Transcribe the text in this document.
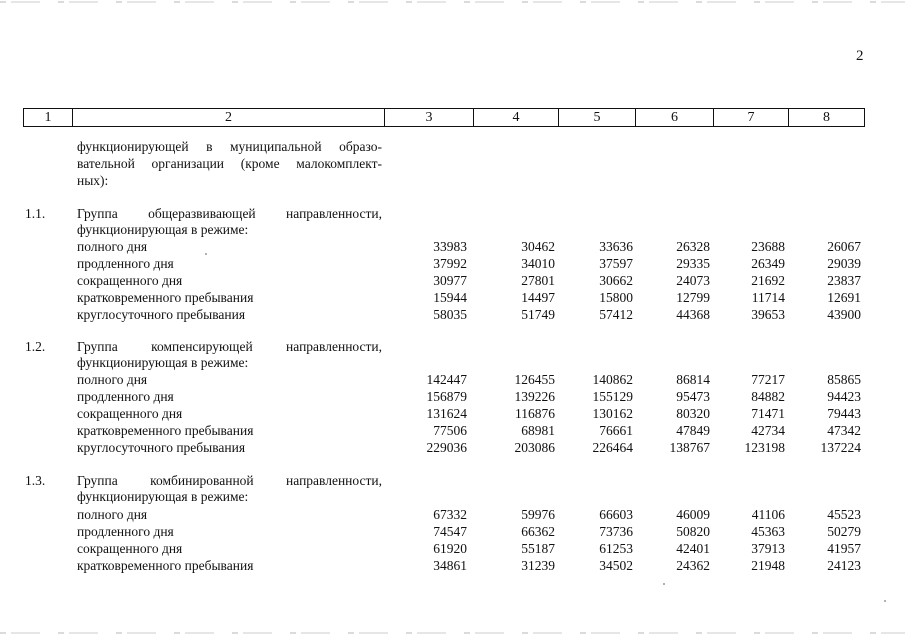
2
1	2	3	4	5	6	7	8
функционирующей в муниципальной образо-
вательной организации (кроме малокомплект-
ных):
1.1. Группа общеразвивающей направленности,
функционирующая в режиме:
полного дня	33983	30462	33636	26328	23688	26067
продленного дня	37992	34010	37597	29335	26349	29039
сокращенного дня	30977	27801	30662	24073	21692	23837
кратковременного пребывания	15944	14497	15800	12799	11714	12691
круглосуточного пребывания	58035	51749	57412	44368	39653	43900
1.2. Группа компенсирующей направленности,
функционирующая в режиме:
полного дня	142447	126455	140862	86814	77217	85865
продленного дня	156879	139226	155129	95473	84882	94423
сокращенного дня	131624	116876	130162	80320	71471	79443
кратковременного пребывания	77506	68981	76661	47849	42734	47342
круглосуточного пребывания	229036	203086	226464	138767	123198	137224
1.3. Группа комбинированной направленности,
функционирующая в режиме:
полного дня	67332	59976	66603	46009	41106	45523
продленного дня	74547	66362	73736	50820	45363	50279
сокращенного дня	61920	55187	61253	42401	37913	41957
кратковременного пребывания	34861	31239	34502	24362	21948	24123
